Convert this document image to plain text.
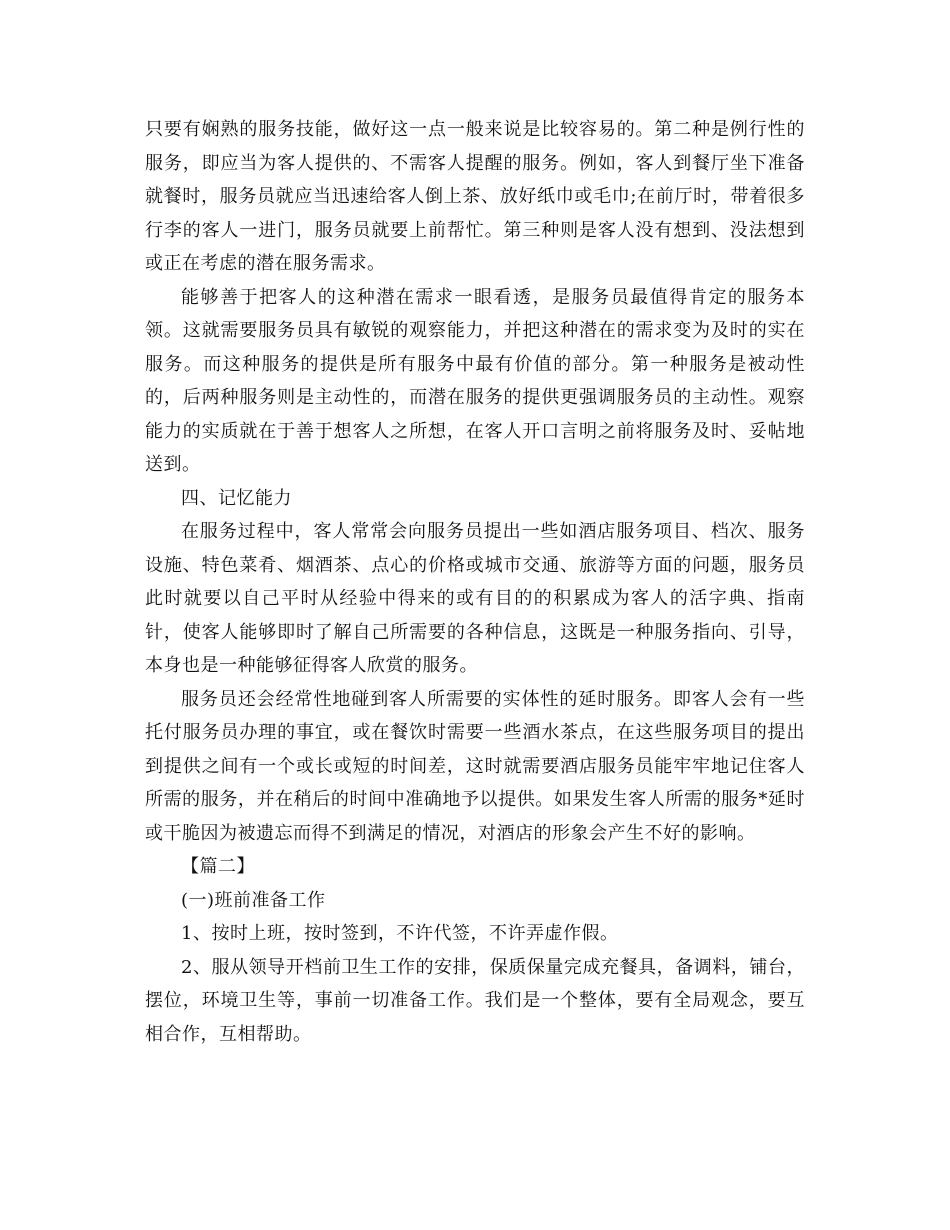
只要有娴熟的服务技能，做好这一点一般来说是比较容易的。第二种是例行性的服务，即应当为客人提供的、不需客人提醒的服务。例如，客人到餐厅坐下准备就餐时，服务员就应当迅速给客人倒上茶、放好纸巾或毛巾;在前厅时，带着很多行李的客人一进门，服务员就要上前帮忙。第三种则是客人没有想到、没法想到或正在考虑的潜在服务需求。

能够善于把客人的这种潜在需求一眼看透，是服务员最值得肯定的服务本领。这就需要服务员具有敏锐的观察能力，并把这种潜在的需求变为及时的实在服务。而这种服务的提供是所有服务中最有价值的部分。第一种服务是被动性的，后两种服务则是主动性的，而潜在服务的提供更强调服务员的主动性。观察能力的实质就在于善于想客人之所想，在客人开口言明之前将服务及时、妥帖地送到。

四、记忆能力

在服务过程中，客人常常会向服务员提出一些如酒店服务项目、档次、服务设施、特色菜肴、烟酒茶、点心的价格或城市交通、旅游等方面的问题，服务员此时就要以自己平时从经验中得来的或有目的的积累成为客人的活字典、指南针，使客人能够即时了解自己所需要的各种信息，这既是一种服务指向、引导，本身也是一种能够征得客人欣赏的服务。

服务员还会经常性地碰到客人所需要的实体性的延时服务。即客人会有一些托付服务员办理的事宜，或在餐饮时需要一些酒水茶点，在这些服务项目的提出到提供之间有一个或长或短的时间差，这时就需要酒店服务员能牢牢地记住客人所需的服务，并在稍后的时间中准确地予以提供。如果发生客人所需的服务*延时或干脆因为被遗忘而得不到满足的情况，对酒店的形象会产生不好的影响。

【篇二】

(一)班前准备工作

1、按时上班，按时签到，不许代签，不许弄虚作假。

2、服从领导开档前卫生工作的安排，保质保量完成充餐具，备调料，铺台，摆位，环境卫生等，事前一切准备工作。我们是一个整体，要有全局观念，要互相合作，互相帮助。
